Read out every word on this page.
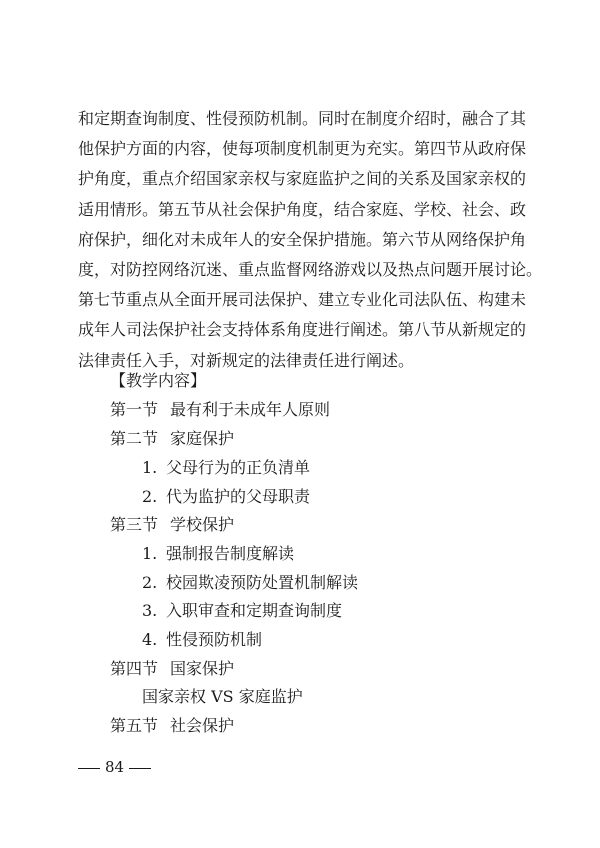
和定期查询制度、性侵预防机制。同时在制度介绍时，融合了其
他保护方面的内容，使每项制度机制更为充实。第四节从政府保
护角度，重点介绍国家亲权与家庭监护之间的关系及国家亲权的
适用情形。第五节从社会保护角度，结合家庭、学校、社会、政
府保护，细化对未成年人的安全保护措施。第六节从网络保护角
度，对防控网络沉迷、重点监督网络游戏以及热点问题开展讨论。
第七节重点从全面开展司法保护、建立专业化司法队伍、构建未
成年人司法保护社会支持体系角度进行阐述。第八节从新规定的
法律责任入手，对新规定的法律责任进行阐述。
【教学内容】
第一节 最有利于未成年人原则
第二节 家庭保护
1. 父母行为的正负清单
2. 代为监护的父母职责
第三节 学校保护
1. 强制报告制度解读
2. 校园欺凌预防处置机制解读
3. 入职审查和定期查询制度
4. 性侵预防机制
第四节 国家保护
国家亲权 VS 家庭监护
第五节 社会保护
84
